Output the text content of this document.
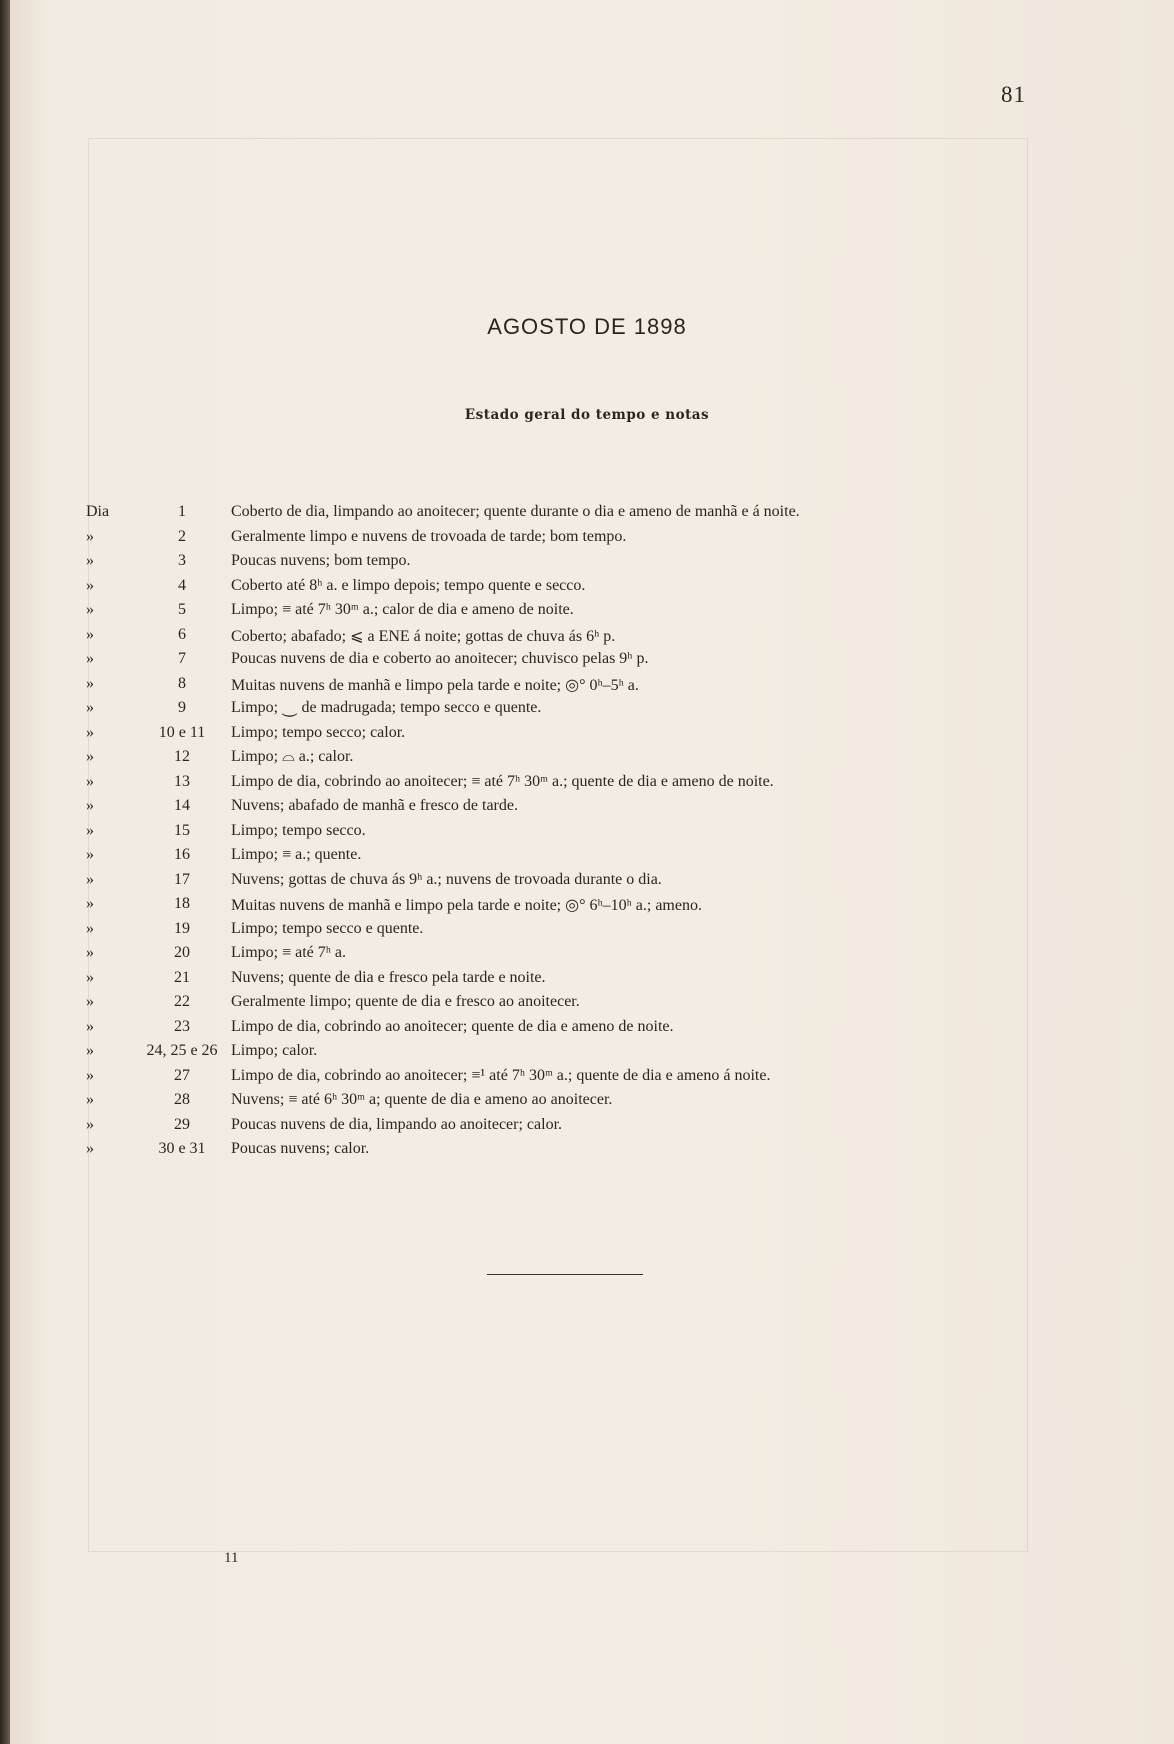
81
AGOSTO DE 1898
Estado geral do tempo e notas
Dia	1	Coberto de dia, limpando ao anoitecer; quente durante o dia e ameno de manhã e á noite.
»	2	Geralmente limpo e nuvens de trovoada de tarde; bom tempo.
»	3	Poucas nuvens; bom tempo.
»	4	Coberto até 8ʰ a. e limpo depois; tempo quente e secco.
»	5	Limpo; ≡ até 7ʰ 30ᵐ a.; calor de dia e ameno de noite.
»	6	Coberto; abafado; ⩽ a ENE á noite; gottas de chuva ás 6ʰ p.
»	7	Poucas nuvens de dia e coberto ao anoitecer; chuvisco pelas 9ʰ p.
»	8	Muitas nuvens de manhã e limpo pela tarde e noite; ◎° 0ʰ–5ʰ a.
»	9	Limpo; ⏝ de madrugada; tempo secco e quente.
»	10 e 11	Limpo; tempo secco; calor.
»	12	Limpo; ⌓ a.; calor.
»	13	Limpo de dia, cobrindo ao anoitecer; ≡ até 7ʰ 30ᵐ a.; quente de dia e ameno de noite.
»	14	Nuvens; abafado de manhã e fresco de tarde.
»	15	Limpo; tempo secco.
»	16	Limpo; ≡ a.; quente.
»	17	Nuvens; gottas de chuva ás 9ʰ a.; nuvens de trovoada durante o dia.
»	18	Muitas nuvens de manhã e limpo pela tarde e noite; ◎° 6ʰ–10ʰ a.; ameno.
»	19	Limpo; tempo secco e quente.
»	20	Limpo; ≡ até 7ʰ a.
»	21	Nuvens; quente de dia e fresco pela tarde e noite.
»	22	Geralmente limpo; quente de dia e fresco ao anoitecer.
»	23	Limpo de dia, cobrindo ao anoitecer; quente de dia e ameno de noite.
»	24, 25 e 26 Limpo; calor.
»	27	Limpo de dia, cobrindo ao anoitecer; ≡¹ até 7ʰ 30ᵐ a.; quente de dia e ameno á noite.
»	28	Nuvens; ≡ até 6ʰ 30ᵐ a; quente de dia e ameno ao anoitecer.
»	29	Poucas nuvens de dia, limpando ao anoitecer; calor.
»	30 e 31	Poucas nuvens; calor.
11
